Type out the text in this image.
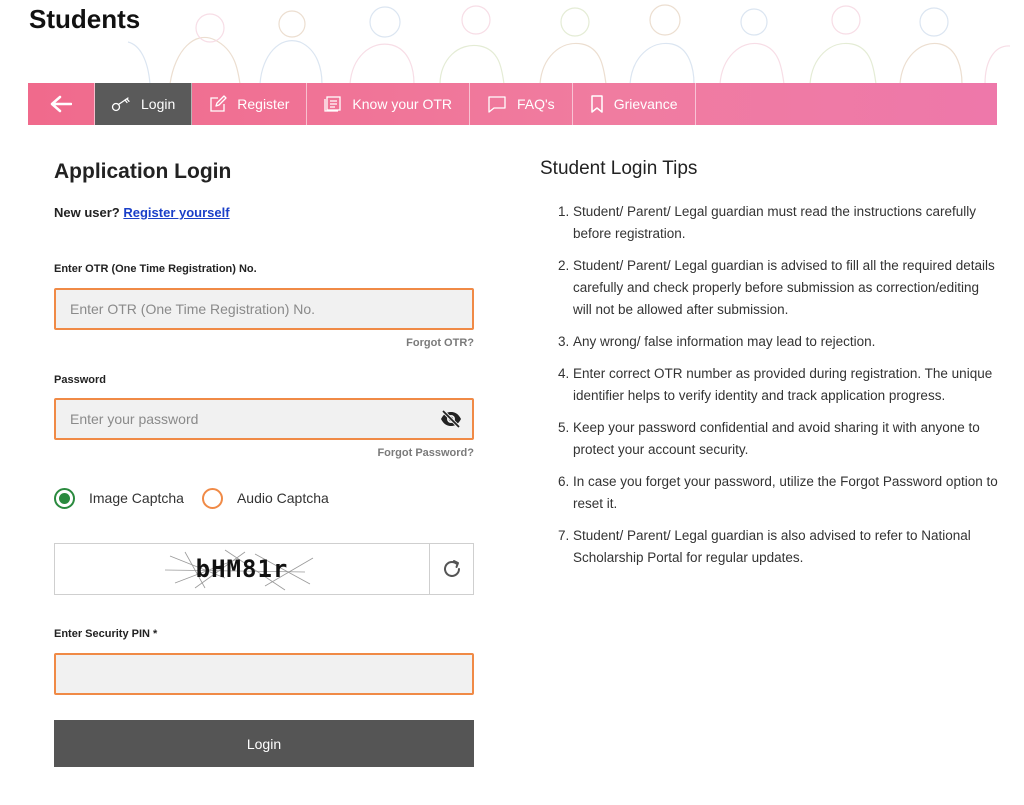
Students
Login	Register	Know your OTR	FAQ's	Grievance
Application Login
New user? Register yourself
Enter OTR (One Time Registration) No.
Enter OTR (One Time Registration) No.
Forgot OTR?
Password
Forgot Password?
Image Captcha	Audio Captcha
bHM81r
Enter Security PIN *
Login
Student Login Tips
1. Student/ Parent/ Legal guardian must read the instructions carefully before registration.
2. Student/ Parent/ Legal guardian is advised to fill all the required details carefully and check properly before submission as correction/editing will not be allowed after submission.
3. Any wrong/ false information may lead to rejection.
4. Enter correct OTR number as provided during registration. The unique identifier helps to verify identity and track application progress.
5. Keep your password confidential and avoid sharing it with anyone to protect your account security.
6. In case you forget your password, utilize the Forgot Password option to reset it.
7. Student/ Parent/ Legal guardian is also advised to refer to National Scholarship Portal for regular updates.
